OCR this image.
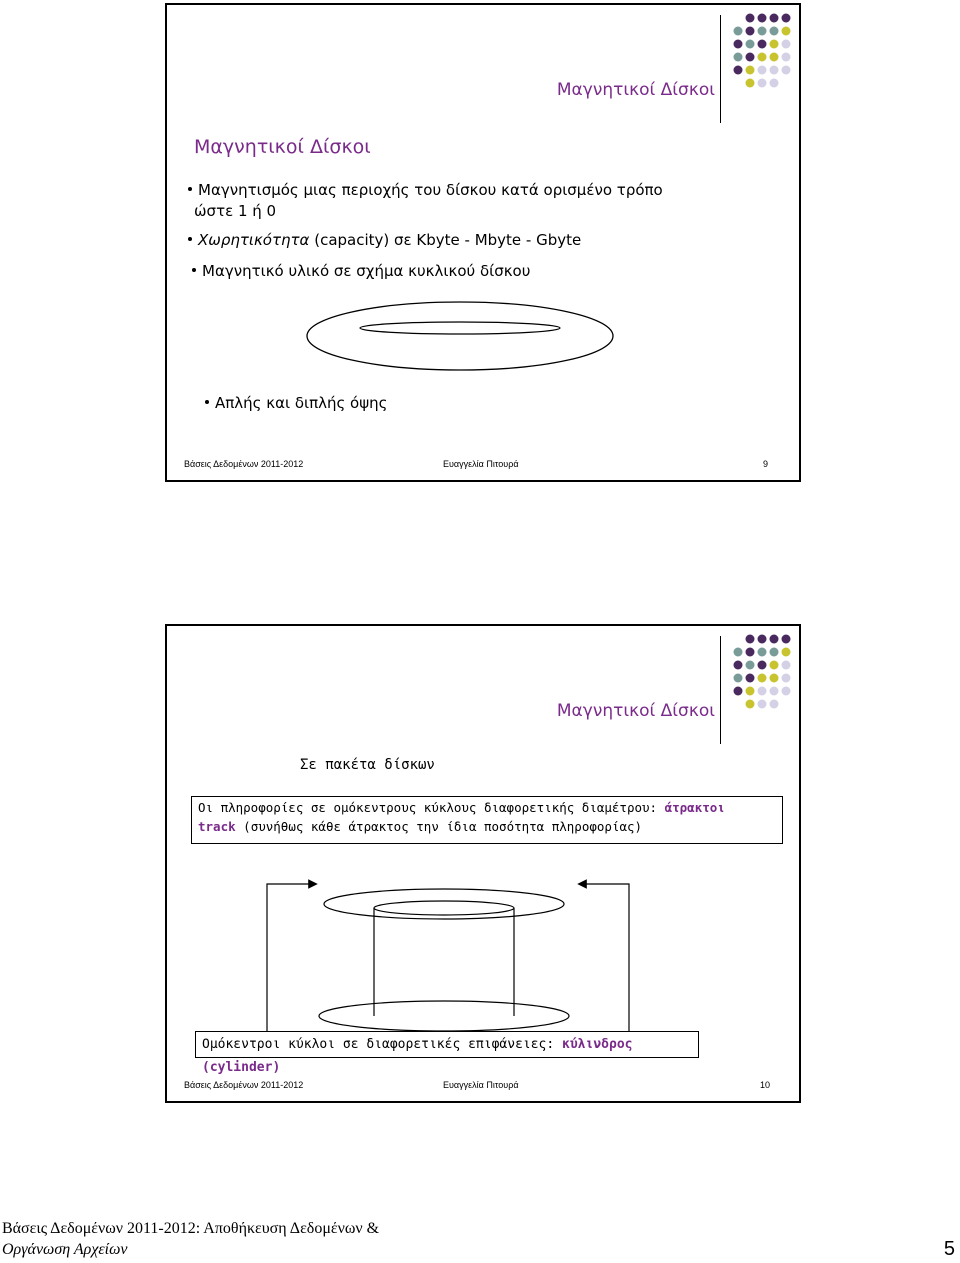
Μαγνητικοί Δίσκοι
Μαγνητικοί Δίσκοι
Μαγνητισμός μιας περιοχής του δίσκου κατά ορισμένο τρόπο
ώστε 1 ή 0
Χωρητικότητα (capacity) σε Kbyte - Mbyte - Gbyte
Μαγνητικό υλικό σε σχήμα κυκλικού δίσκου
Απλής και διπλής όψης
Βάσεις Δεδομένων 2011-2012	Ευαγγελία Πιτουρά	9
Μαγνητικοί Δίσκοι
Σε πακέτα δίσκων
Οι πληροφορίες σε ομόκεντρους κύκλους διαφορετικής διαμέτρου: άτρακτοι
track (συνήθως κάθε άτρακτος την ίδια ποσότητα πληροφορίας)
Ομόκεντροι κύκλοι σε διαφορετικές επιφάνειες: κύλινδρος (cylinder)
Βάσεις Δεδομένων 2011-2012	Ευαγγελία Πιτουρά	10
Βάσεις Δεδομένων 2011-2012: Αποθήκευση Δεδομένων &
Οργάνωση Αρχείων	5
